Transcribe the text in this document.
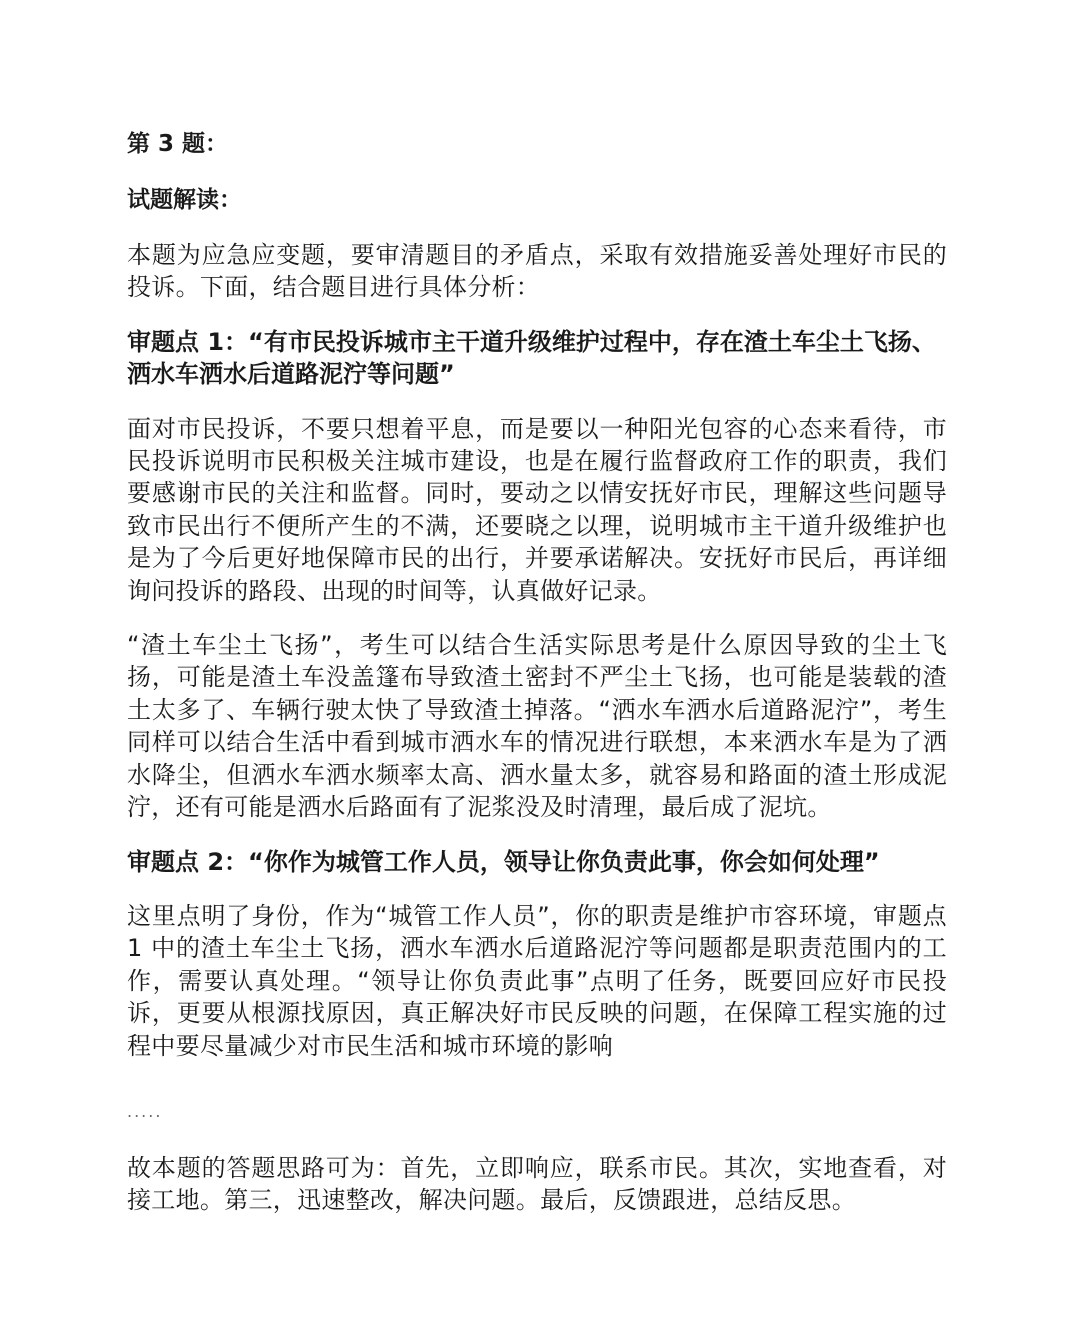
第 3 题：

试题解读：

本题为应急应变题，要审清题目的矛盾点，采取有效措施妥善处理好市民的投诉。下面，结合题目进行具体分析：

审题点 1：“有市民投诉城市主干道升级维护过程中，存在渣土车尘土飞扬、洒水车洒水后道路泥泞等问题”

面对市民投诉，不要只想着平息，而是要以一种阳光包容的心态来看待，市民投诉说明市民积极关注城市建设，也是在履行监督政府工作的职责，我们要感谢市民的关注和监督。同时，要动之以情安抚好市民，理解这些问题导致市民出行不便所产生的不满，还要晓之以理，说明城市主干道升级维护也是为了今后更好地保障市民的出行，并要承诺解决。安抚好市民后，再详细询问投诉的路段、出现的时间等，认真做好记录。

“渣土车尘土飞扬”，考生可以结合生活实际思考是什么原因导致的尘土飞扬，可能是渣土车没盖篷布导致渣土密封不严尘土飞扬，也可能是装载的渣土太多了、车辆行驶太快了导致渣土掉落。“洒水车洒水后道路泥泞”，考生同样可以结合生活中看到城市洒水车的情况进行联想，本来洒水车是为了洒水降尘，但洒水车洒水频率太高、洒水量太多，就容易和路面的渣土形成泥泞，还有可能是洒水后路面有了泥浆没及时清理，最后成了泥坑。

审题点 2：“你作为城管工作人员，领导让你负责此事，你会如何处理”

这里点明了身份，作为“城管工作人员”，你的职责是维护市容环境，审题点 1 中的渣土车尘土飞扬，洒水车洒水后道路泥泞等问题都是职责范围内的工作，需要认真处理。“领导让你负责此事”点明了任务，既要回应好市民投诉，更要从根源找原因，真正解决好市民反映的问题，在保障工程实施的过程中要尽量减少对市民生活和城市环境的影响

.....

故本题的答题思路可为：首先，立即响应，联系市民。其次，实地查看，对接工地。第三，迅速整改，解决问题。最后，反馈跟进，总结反思。
